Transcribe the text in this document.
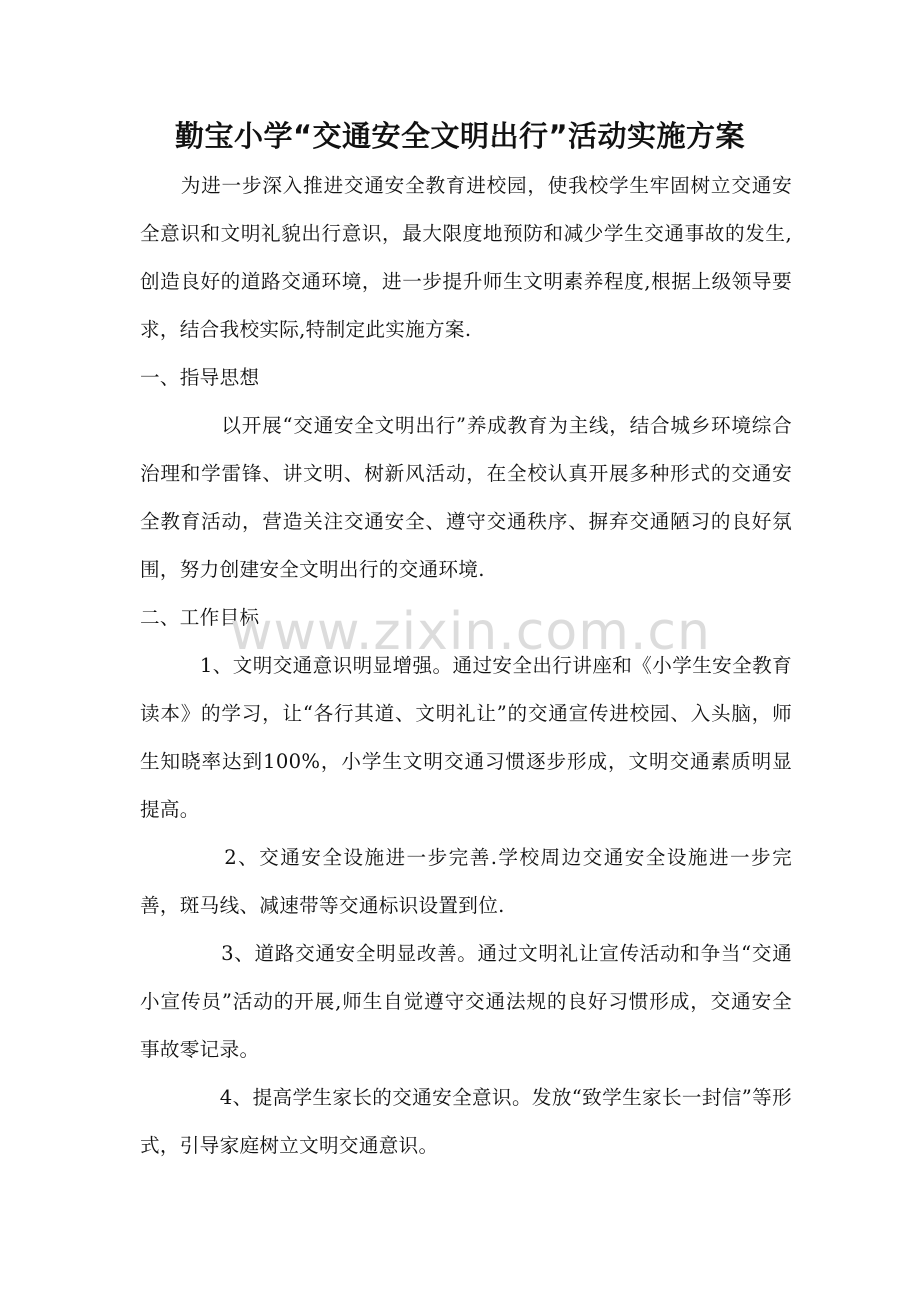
勤宝小学“交通安全文明出行”活动实施方案

　　为进一步深入推进交通安全教育进校园，使我校学生牢固树立交通安全意识和文明礼貌出行意识，最大限度地预防和减少学生交通事故的发生,创造良好的道路交通环境，进一步提升师生文明素养程度,根据上级领导要求，结合我校实际,特制定此实施方案.

一、指导思想

　　　　以开展“交通安全文明出行”养成教育为主线，结合城乡环境综合治理和学雷锋、讲文明、树新风活动，在全校认真开展多种形式的交通安全教育活动，营造关注交通安全、遵守交通秩序、摒弃交通陋习的良好氛围，努力创建安全文明出行的交通环境.

二、工作目标

　　　1、文明交通意识明显增强。通过安全出行讲座和《小学生安全教育读本》的学习，让“各行其道、文明礼让”的交通宣传进校园、入头脑，师生知晓率达到100%，小学生文明交通习惯逐步形成，文明交通素质明显提高。

　　　　2、交通安全设施进一步完善.学校周边交通安全设施进一步完善，斑马线、减速带等交通标识设置到位.

　　　　3、道路交通安全明显改善。通过文明礼让宣传活动和争当“交通小宣传员”活动的开展,师生自觉遵守交通法规的良好习惯形成，交通安全事故零记录。

　　　　4、提高学生家长的交通安全意识。发放“致学生家长一封信”等形式，引导家庭树立文明交通意识。

www.zixin.com.cn
